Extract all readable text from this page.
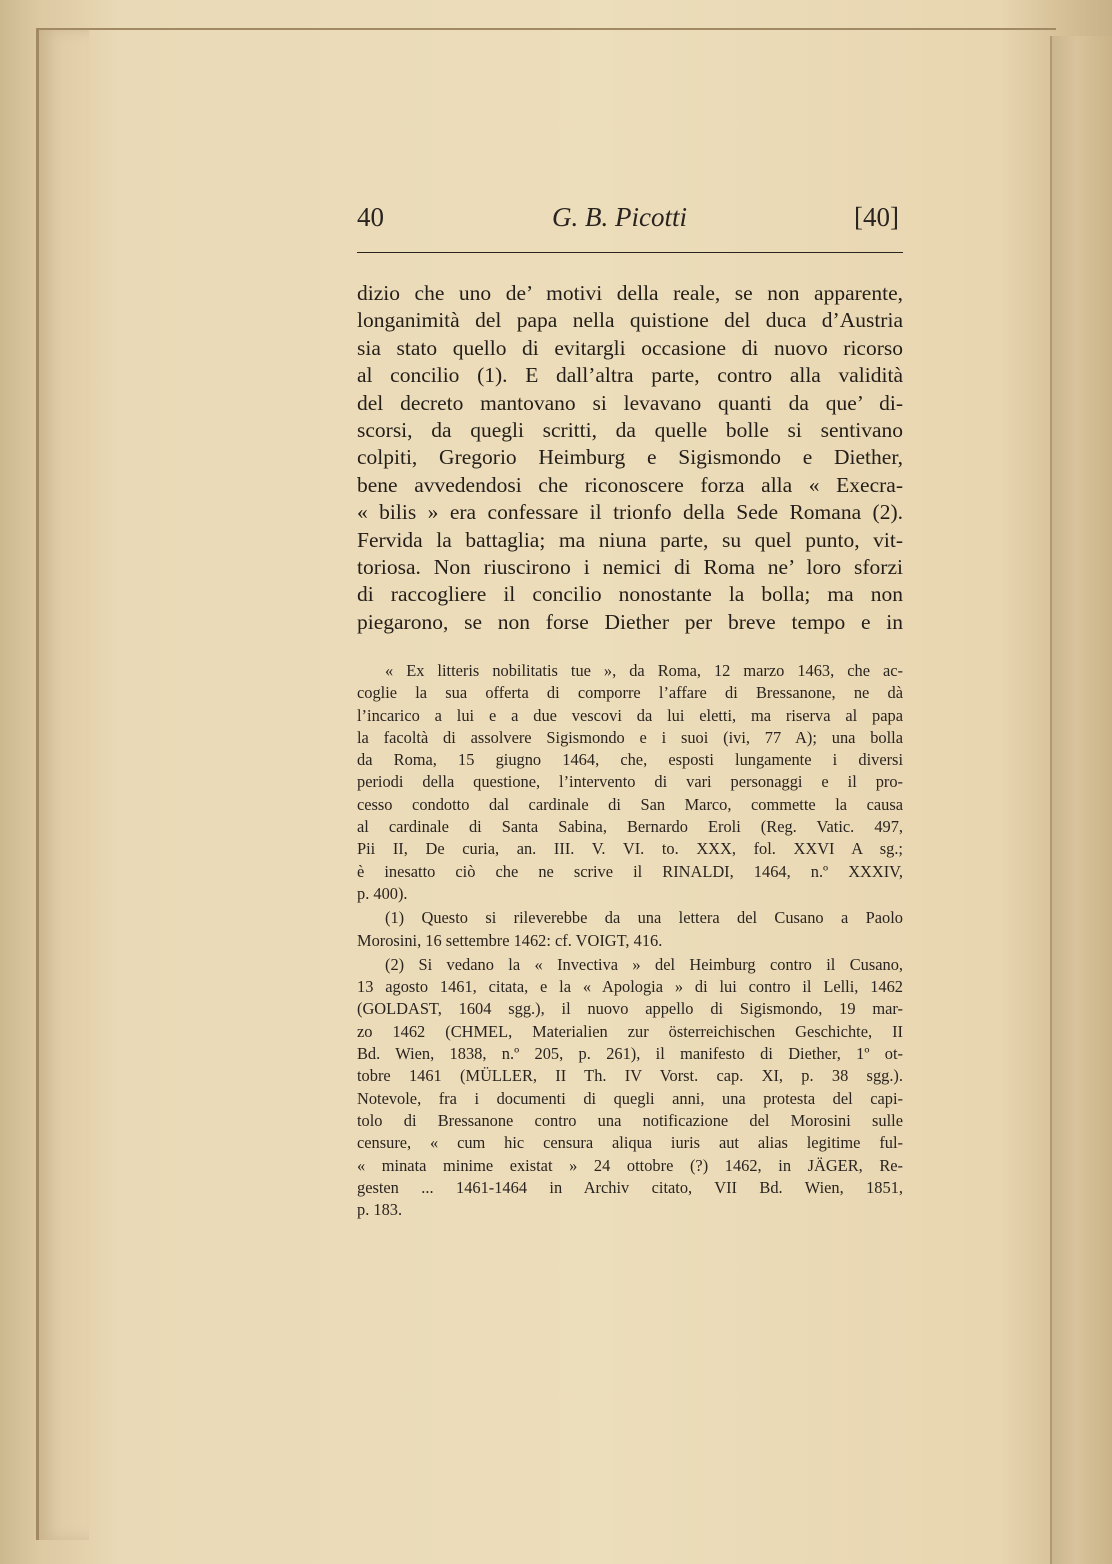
40	G. B. Picotti	[40]
dizio che uno de’ motivi della reale, se non apparente,
longanimità del papa nella quistione del duca d’Austria
sia stato quello di evitargli occasione di nuovo ricorso
al concilio (1). E dall’altra parte, contro alla validità
del decreto mantovano si levavano quanti da que’ di-
scorsi, da quegli scritti, da quelle bolle si sentivano
colpiti, Gregorio Heimburg e Sigismondo e Diether,
bene avvedendosi che riconoscere forza alla « Execra-
« bilis » era confessare il trionfo della Sede Romana (2).
Fervida la battaglia; ma niuna parte, su quel punto, vit-
toriosa. Non riuscirono i nemici di Roma ne’ loro sforzi
di raccogliere il concilio nonostante la bolla; ma non
piegarono, se non forse Diether per breve tempo e in
« Ex litteris nobilitatis tue », da Roma, 12 marzo 1463, che ac-
coglie la sua offerta di comporre l’affare di Bressanone, ne dà
l’incarico a lui e a due vescovi da lui eletti, ma riserva al papa
la facoltà di assolvere Sigismondo e i suoi (ivi, 77 A); una bolla
da Roma, 15 giugno 1464, che, esposti lungamente i diversi
periodi della questione, l’intervento di vari personaggi e il pro-
cesso condotto dal cardinale di San Marco, commette la causa
al cardinale di Santa Sabina, Bernardo Eroli (Reg. Vatic. 497,
Pii II, De curia, an. III. V. VI. to. XXX, fol. XXVI A sg.;
è inesatto ciò che ne scrive il RINALDI, 1464, n.º XXXIV,
p. 400).
(1) Questo si rileverebbe da una lettera del Cusano a Paolo
Morosini, 16 settembre 1462: cf. VOIGT, 416.
(2) Si vedano la « Invectiva » del Heimburg contro il Cusano,
13 agosto 1461, citata, e la « Apologia » di lui contro il Lelli, 1462
(GOLDAST, 1604 sgg.), il nuovo appello di Sigismondo, 19 mar-
zo 1462 (CHMEL, Materialien zur österreichischen Geschichte, II
Bd. Wien, 1838, n.º 205, p. 261), il manifesto di Diether, 1º ot-
tobre 1461 (MÜLLER, II Th. IV Vorst. cap. XI, p. 38 sgg.).
Notevole, fra i documenti di quegli anni, una protesta del capi-
tolo di Bressanone contro una notificazione del Morosini sulle
censure, « cum hic censura aliqua iuris aut alias legitime ful-
« minata minime existat » 24 ottobre (?) 1462, in JÄGER, Re-
gesten ... 1461-1464 in Archiv citato, VII Bd. Wien, 1851,
p. 183.
